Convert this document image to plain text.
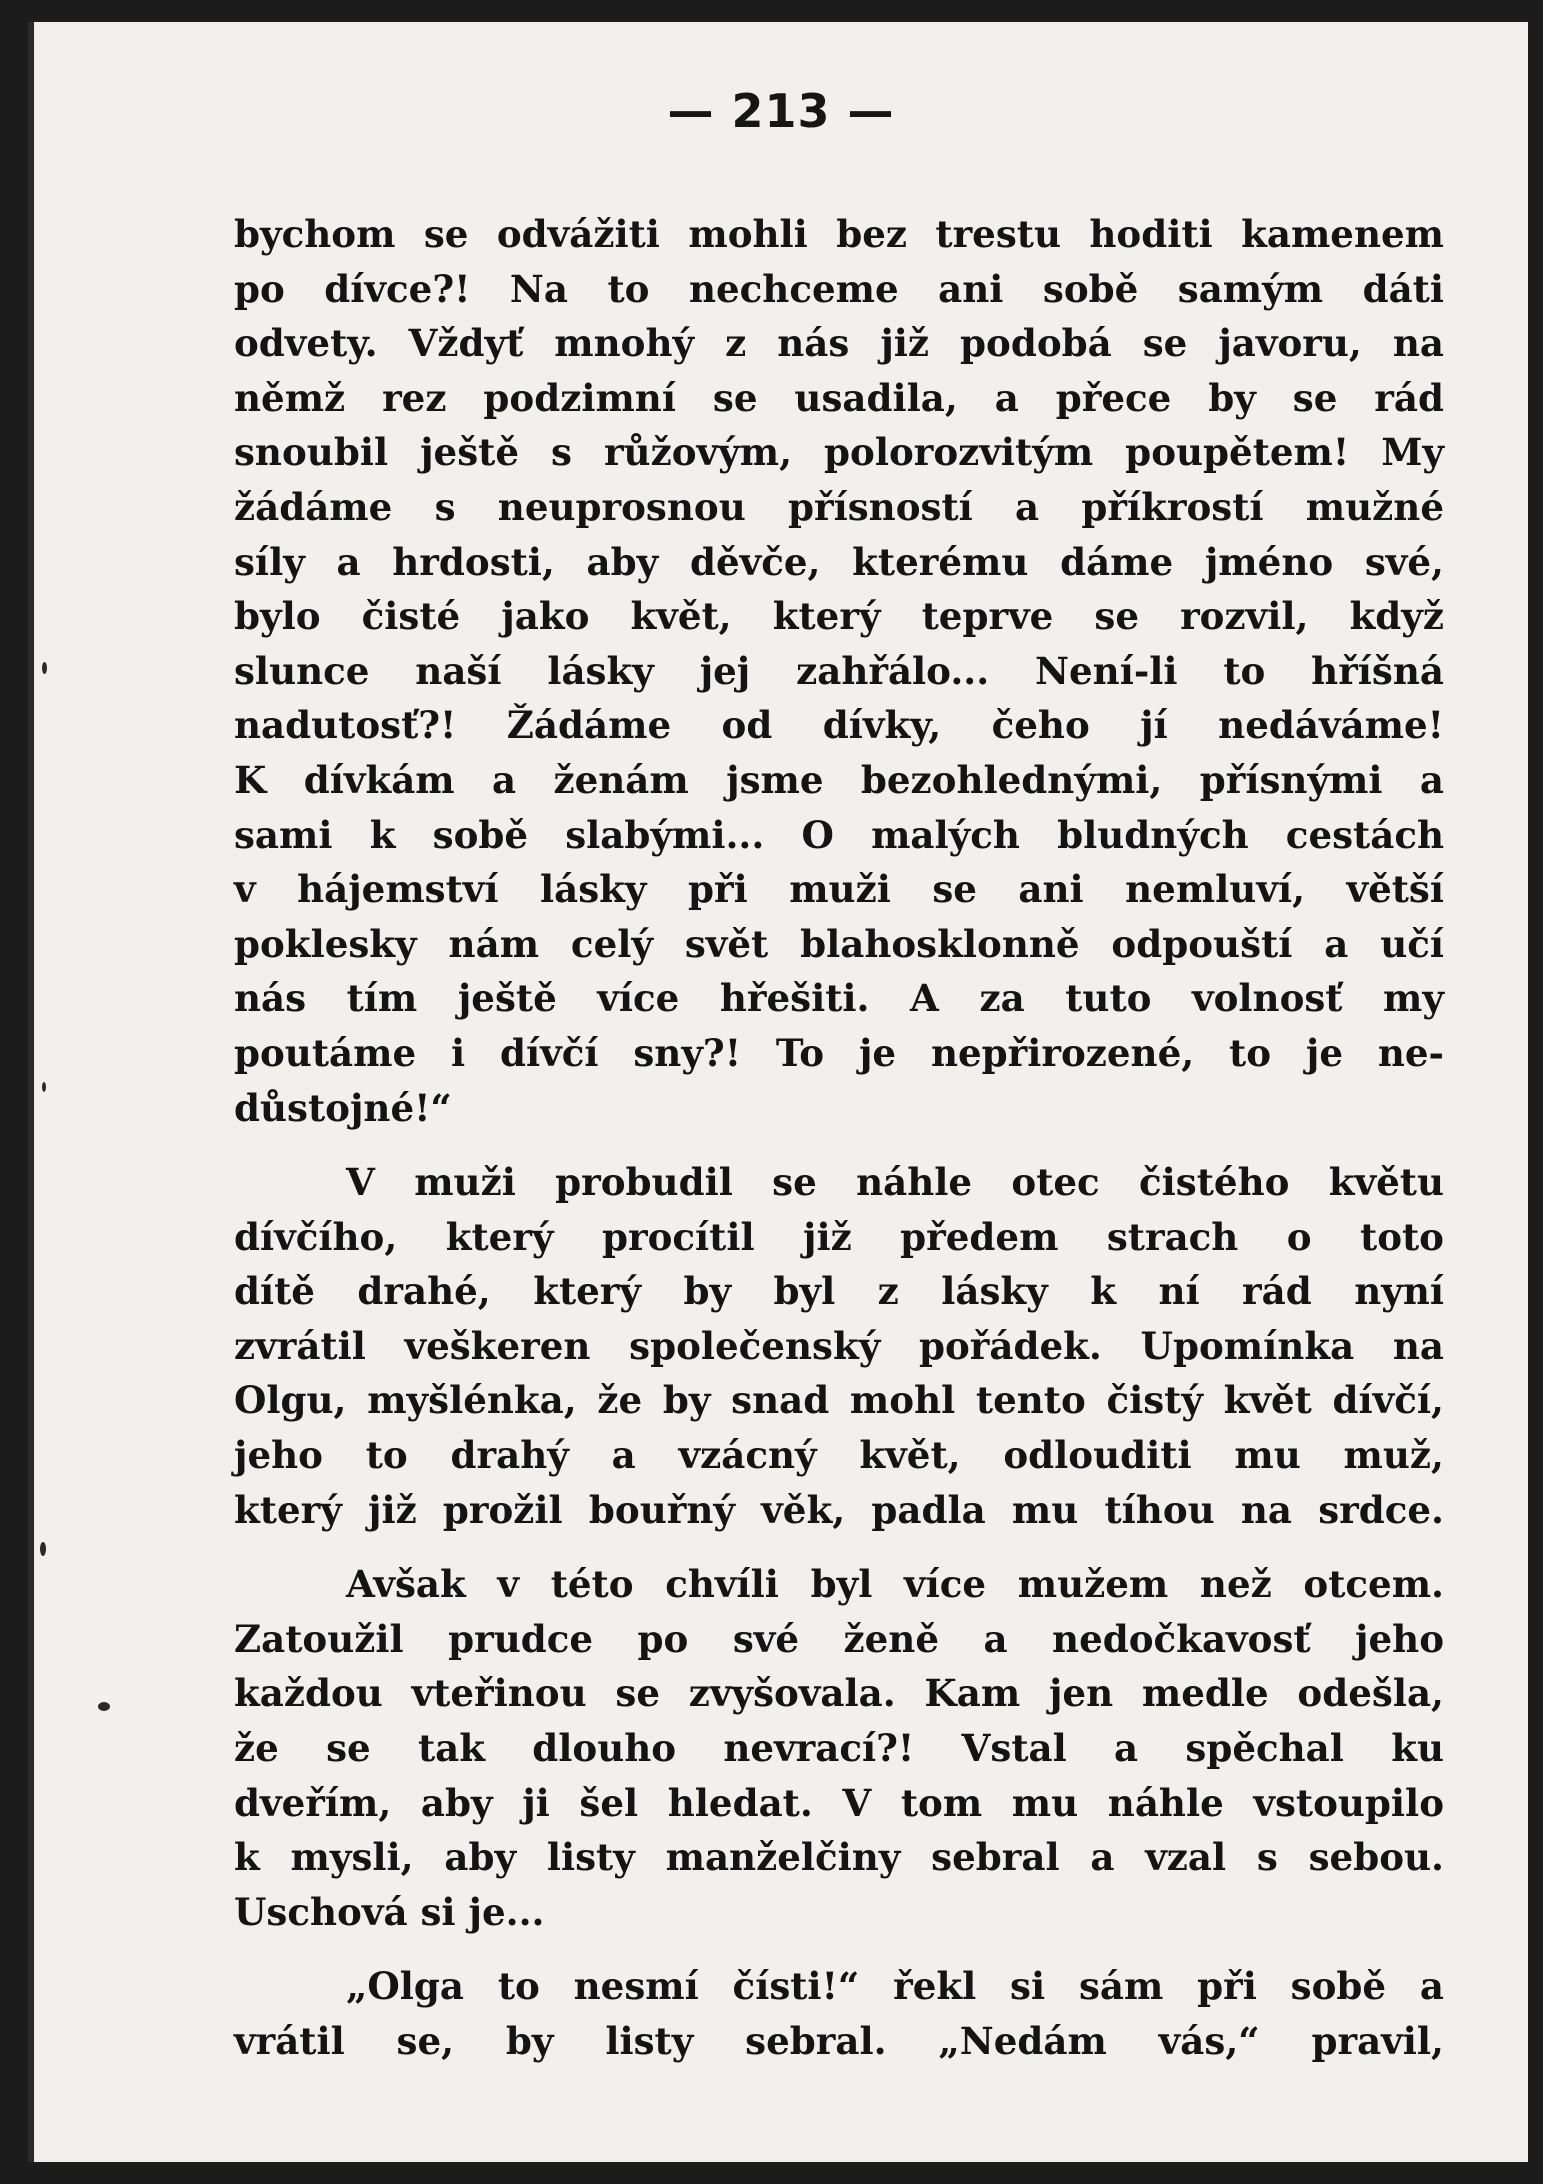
— 213 —
bychom se odvážiti mohli bez trestu hoditi kamenem
po dívce?! Na to nechceme ani sobě samým dáti
odvety. Vždyť mnohý z nás již podobá se javoru, na
němž rez podzimní se usadila, a přece by se rád
snoubil ještě s růžovým, polorozvitým poupětem! My
žádáme s neuprosnou přísností a příkrostí mužné
síly a hrdosti, aby děvče, kterému dáme jméno své,
bylo čisté jako květ, který teprve se rozvil, když
slunce naší lásky jej zahřálo... Není-li to hříšná
nadutosť?! Žádáme od dívky, čeho jí nedáváme!
K dívkám a ženám jsme bezohlednými, přísnými a
sami k sobě slabými... O malých bludných cestách
v hájemství lásky při muži se ani nemluví, větší
poklesky nám celý svět blahosklonně odpouští a učí
nás tím ještě více hřešiti. A za tuto volnosť my
poutáme i dívčí sny?! To je nepřirozené, to je ne-
důstojné!“
V muži probudil se náhle otec čistého květu
dívčího, který procítil již předem strach o toto
dítě drahé, který by byl z lásky k ní rád nyní
zvrátil veškeren společenský pořádek. Upomínka na
Olgu, myšlénka, že by snad mohl tento čistý květ dívčí,
jeho to drahý a vzácný květ, odlouditi mu muž,
který již prožil bouřný věk, padla mu tíhou na srdce.
Avšak v této chvíli byl více mužem než otcem.
Zatoužil prudce po své ženě a nedočkavosť jeho
každou vteřinou se zvyšovala. Kam jen medle odešla,
že se tak dlouho nevrací?! Vstal a spěchal ku
dveřím, aby ji šel hledat. V tom mu náhle vstoupilo
k mysli, aby listy manželčiny sebral a vzal s sebou.
Uschová si je...
„Olga to nesmí čísti!“ řekl si sám při sobě a
vrátil se, by listy sebral. „Nedám vás,“ pravil,
